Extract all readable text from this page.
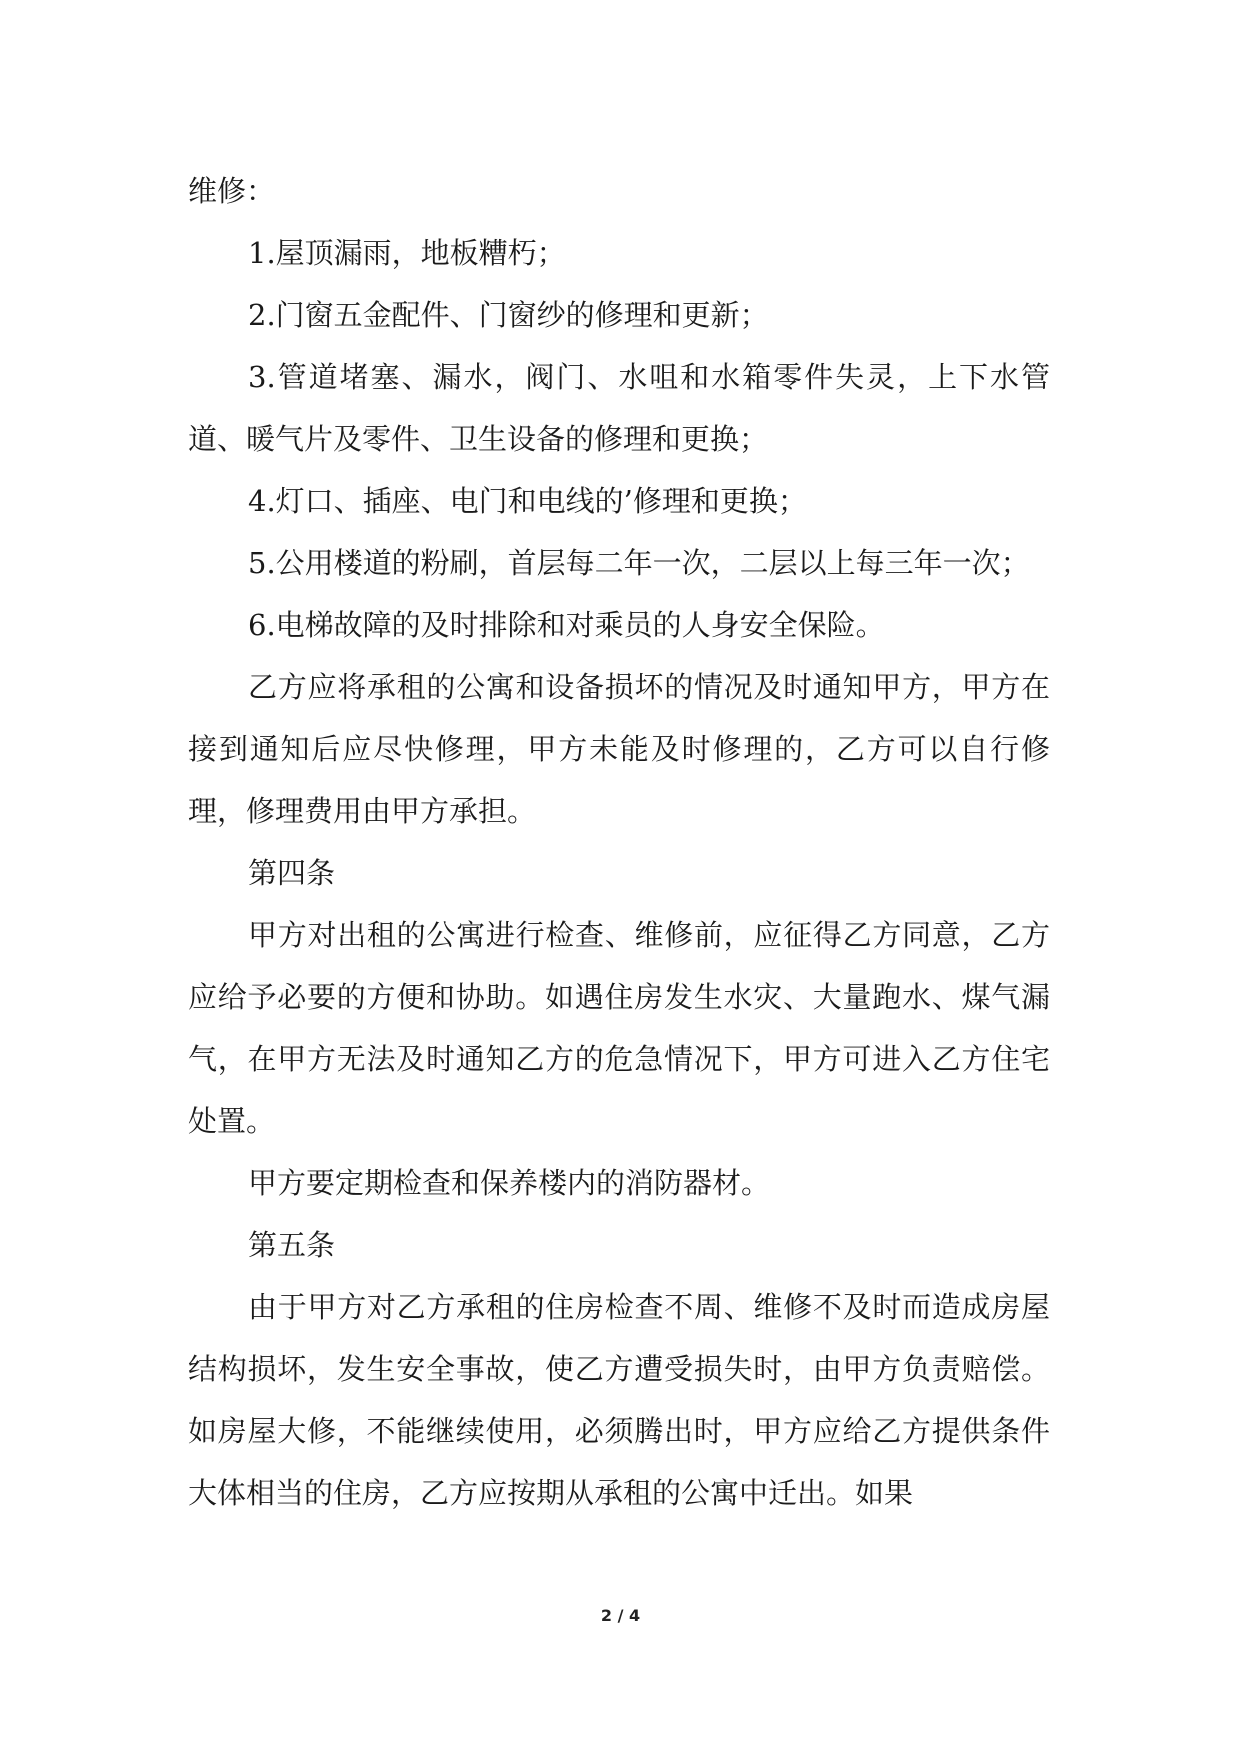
维修：

1.屋顶漏雨，地板糟朽；

2.门窗五金配件、门窗纱的修理和更新；

3.管道堵塞、漏水，阀门、水咀和水箱零件失灵，上下水管道、暖气片及零件、卫生设备的修理和更换；

4.灯口、插座、电门和电线的’修理和更换；

5.公用楼道的粉刷，首层每二年一次，二层以上每三年一次；

6.电梯故障的及时排除和对乘员的人身安全保险。

乙方应将承租的公寓和设备损坏的情况及时通知甲方，甲方在接到通知后应尽快修理，甲方未能及时修理的，乙方可以自行修理，修理费用由甲方承担。

第四条

甲方对出租的公寓进行检查、维修前，应征得乙方同意，乙方应给予必要的方便和协助。如遇住房发生水灾、大量跑水、煤气漏气，在甲方无法及时通知乙方的危急情况下，甲方可进入乙方住宅处置。

甲方要定期检查和保养楼内的消防器材。

第五条

由于甲方对乙方承租的住房检查不周、维修不及时而造成房屋结构损坏，发生安全事故，使乙方遭受损失时，由甲方负责赔偿。如房屋大修，不能继续使用，必须腾出时，甲方应给乙方提供条件大体相当的住房，乙方应按期从承租的公寓中迁出。如果

2 / 4
